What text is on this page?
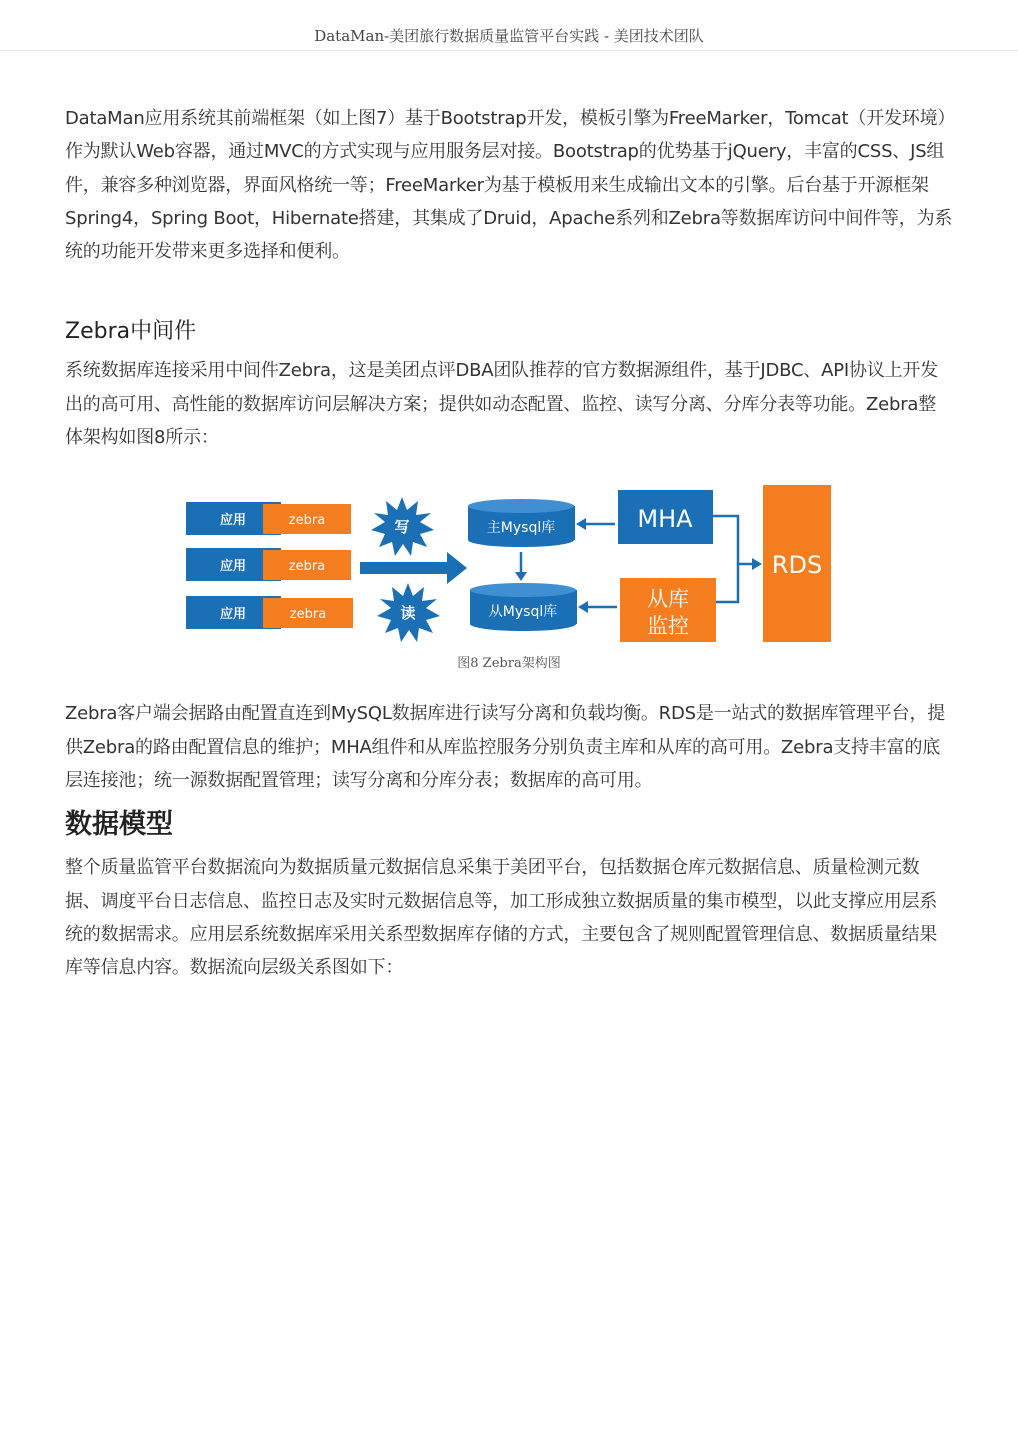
DataMan-美团旅行数据质量监管平台实践 - 美团技术团队

DataMan应用系统其前端框架（如上图7）基于Bootstrap开发，模板引擎为FreeMarker，Tomcat（开发环境）作为默认Web容器，通过MVC的方式实现与应用服务层对接。Bootstrap的优势基于jQuery，丰富的CSS、JS组件，兼容多种浏览器，界面风格统一等；FreeMarker为基于模板用来生成输出文本的引擎。后台基于开源框架Spring4，Spring Boot，Hibernate搭建，其集成了Druid，Apache系列和Zebra等数据库访问中间件等，为系统的功能开发带来更多选择和便利。

Zebra中间件

系统数据库连接采用中间件Zebra，这是美团点评DBA团队推荐的官方数据源组件，基于JDBC、API协议上开发出的高可用、高性能的数据库访问层解决方案；提供如动态配置、监控、读写分离、分库分表等功能。Zebra整体架构如图8所示：

应用	zebra
应用	zebra
应用	zebra
写
读
主Mysql库
从Mysql库
MHA
从库
监控
RDS
图8 Zebra架构图

Zebra客户端会据路由配置直连到MySQL数据库进行读写分离和负载均衡。RDS是一站式的数据库管理平台，提供Zebra的路由配置信息的维护；MHA组件和从库监控服务分别负责主库和从库的高可用。Zebra支持丰富的底层连接池；统一源数据配置管理；读写分离和分库分表；数据库的高可用。

数据模型

整个质量监管平台数据流向为数据质量元数据信息采集于美团平台，包括数据仓库元数据信息、质量检测元数据、调度平台日志信息、监控日志及实时元数据信息等，加工形成独立数据质量的集市模型，以此支撑应用层系统的数据需求。应用层系统数据库采用关系型数据库存储的方式，主要包含了规则配置管理信息、数据质量结果库等信息内容。数据流向层级关系图如下：
